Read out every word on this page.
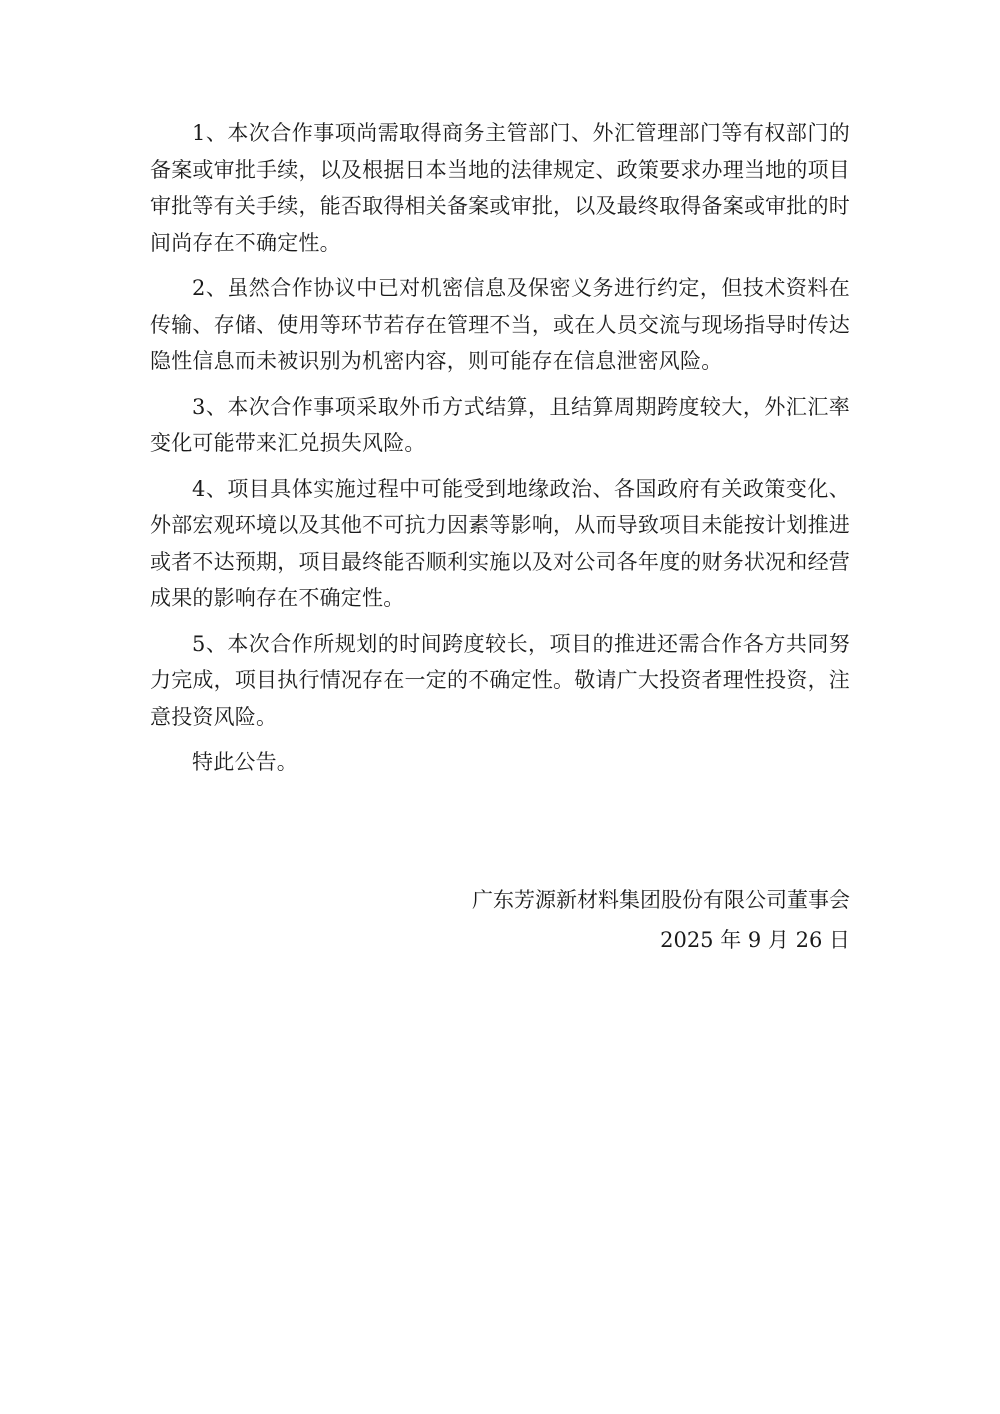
1、本次合作事项尚需取得商务主管部门、外汇管理部门等有权部门的备案或审批手续，以及根据日本当地的法律规定、政策要求办理当地的项目审批等有关手续，能否取得相关备案或审批，以及最终取得备案或审批的时间尚存在不确定性。

2、虽然合作协议中已对机密信息及保密义务进行约定，但技术资料在传输、存储、使用等环节若存在管理不当，或在人员交流与现场指导时传达隐性信息而未被识别为机密内容，则可能存在信息泄密风险。

3、本次合作事项采取外币方式结算，且结算周期跨度较大，外汇汇率变化可能带来汇兑损失风险。

4、项目具体实施过程中可能受到地缘政治、各国政府有关政策变化、外部宏观环境以及其他不可抗力因素等影响，从而导致项目未能按计划推进或者不达预期，项目最终能否顺利实施以及对公司各年度的财务状况和经营成果的影响存在不确定性。

5、本次合作所规划的时间跨度较长，项目的推进还需合作各方共同努力完成，项目执行情况存在一定的不确定性。敬请广大投资者理性投资，注意投资风险。

特此公告。

广东芳源新材料集团股份有限公司董事会
2025 年 9 月 26 日
